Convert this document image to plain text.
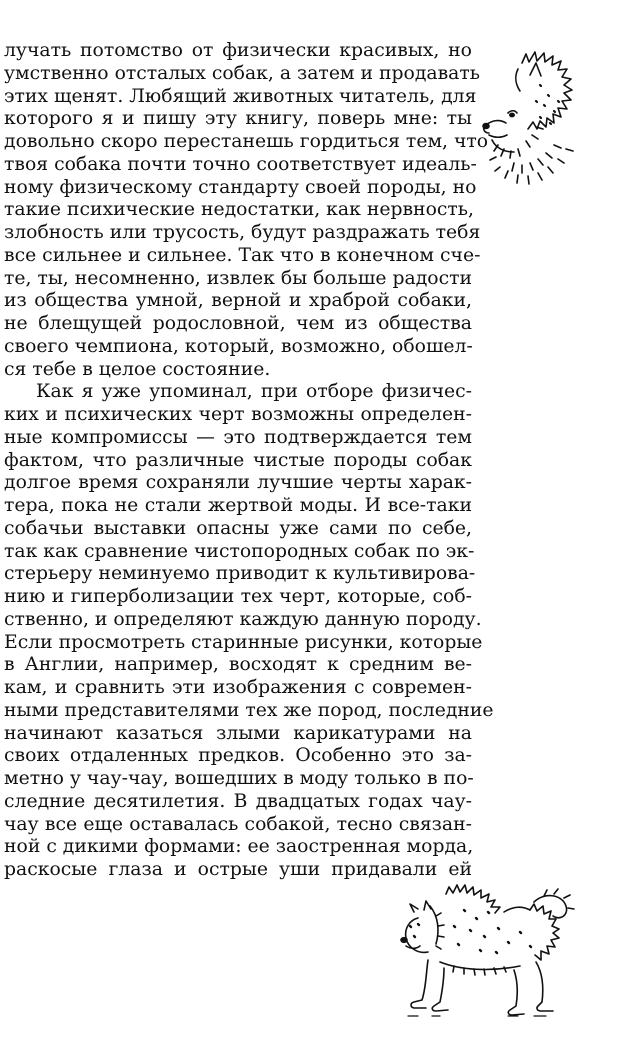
лучать потомство от физически красивых, но
умственно отсталых собак, а затем и продавать
этих щенят. Любящий животных читатель, для
которого я и пишу эту книгу, поверь мне: ты
довольно скоро перестанешь гордиться тем, что
твоя собака почти точно соответствует идеаль-
ному физическому стандарту своей породы, но
такие психические недостатки, как нервность,
злобность или трусость, будут раздражать тебя
все сильнее и сильнее. Так что в конечном сче-
те, ты, несомненно, извлек бы больше радости
из общества умной, верной и храброй собаки,
не блещущей родословной, чем из общества
своего чемпиона, который, возможно, обошел-
ся тебе в целое состояние.
Как я уже упоминал, при отборе физичес-
ких и психических черт возможны определен-
ные компромиссы — это подтверждается тем
фактом, что различные чистые породы собак
долгое время сохраняли лучшие черты харак-
тера, пока не стали жертвой моды. И все-таки
собачьи выставки опасны уже сами по себе,
так как сравнение чистопородных собак по эк-
стерьеру неминуемо приводит к культивирова-
нию и гиперболизации тех черт, которые, соб-
ственно, и определяют каждую данную породу.
Если просмотреть старинные рисунки, которые
в Англии, например, восходят к средним ве-
кам, и сравнить эти изображения с современ-
ными представителями тех же пород, последние
начинают казаться злыми карикатурами на
своих отдаленных предков. Особенно это за-
метно у чау-чау, вошедших в моду только в по-
следние десятилетия. В двадцатых годах чау-
чау все еще оставалась собакой, тесно связан-
ной с дикими формами: ее заостренная морда,
раскосые глаза и острые уши придавали ей
